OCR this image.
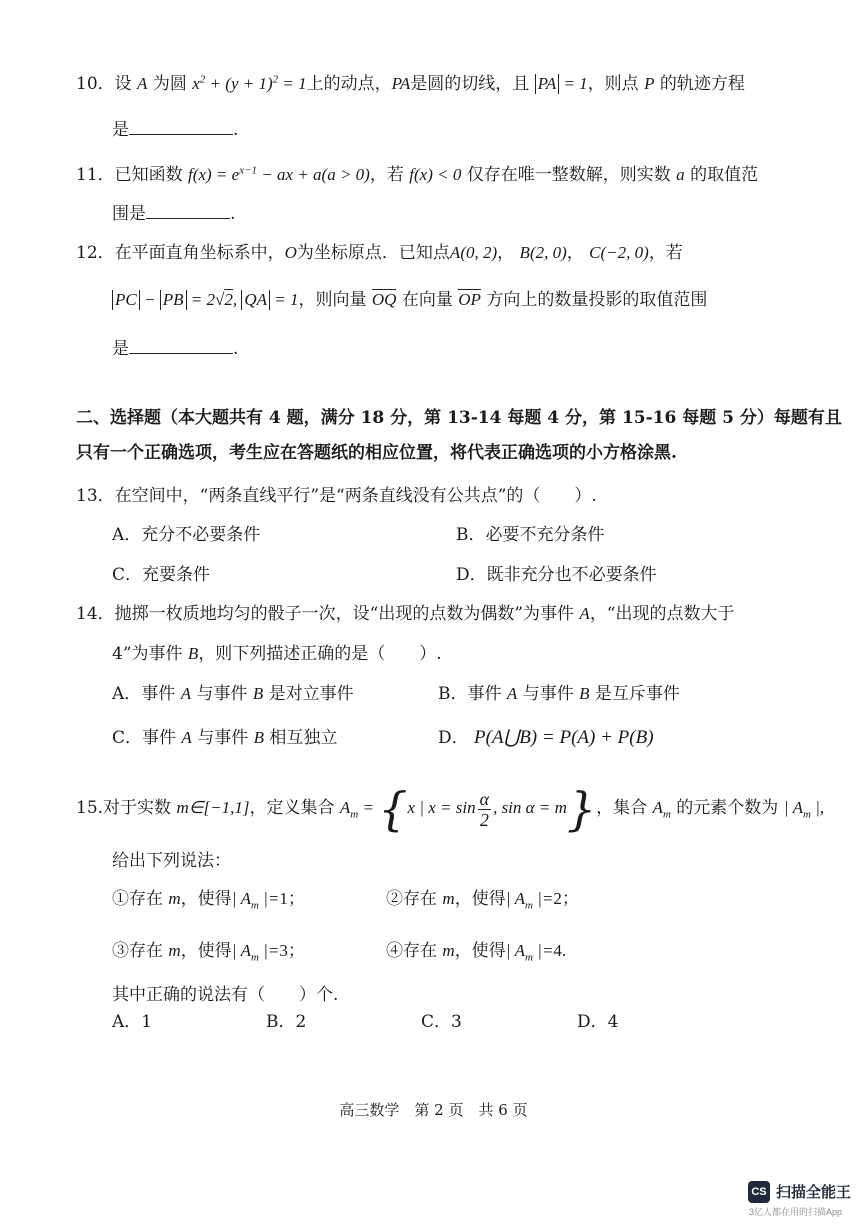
10．设 A 为圆 $x^2 + (y + 1)^2 = 1$上的动点，PA是圆的切线，且 PA = 1，则点 P 的轨迹方程
是	.
11．已知函数 $f(x) = e^{x-1}$ − ax + a(a > 0)，若 f(x) < 0 仅存在唯一整数解，则实数 a 的取值范
围是	.
12．在平面直角坐标系中，O为坐标原点．已知点A(0, 2)， B(2, 0)， C(−2, 0)，若
PC − PB = 2√2, QA = 1，则向量 OQ 在向量 OP 方向上的数量投影的取值范围
是	.
二、选择题（本大题共有 4 题，满分 18 分，第 13-14 每题 4 分，第 15-16 每题 5 分）每题有且
只有一个正确选项，考生应在答题纸的相应位置，将代表正确选项的小方格涂黑.
13．在空间中，“两条直线平行”是“两条直线没有公共点”的（　　）.
A．充分不必要条件	B．必要不充分条件
C．充要条件	D．既非充分也不必要条件
14．抛掷一枚质地均匀的骰子一次，设“出现的点数为偶数”为事件 A，“出现的点数大于
4”为事件 B，则下列描述正确的是（　　）.
A．事件 A 与事件 B 是对立事件	B．事件 A 与事件 B 是互斥事件
C．事件 A 与事件 B 相互独立	D． P(A⋃B) = P(A) + P(B)
15.对于实数 m∈[−1,1]，定义集合 $A_m = \{x$ | $x = \sin \frac{\alpha}{2}$ , sin α = m}，集合 $A_m$ 的元素个数为 | $A_m$ |,
给出下列说法：
①存在 m，使得| $A_m$ |=1；	②存在 m，使得| $A_m$ |=2；
③存在 m，使得| $A_m$ |=3；	④存在 m，使得| $A_m$ |=4.
其中正确的说法有（　　）个.
A．1	B．2	C．3	D．4
高三数学　第 2 页　共 6 页
CS 扫描全能王
3亿人都在用的扫描App
